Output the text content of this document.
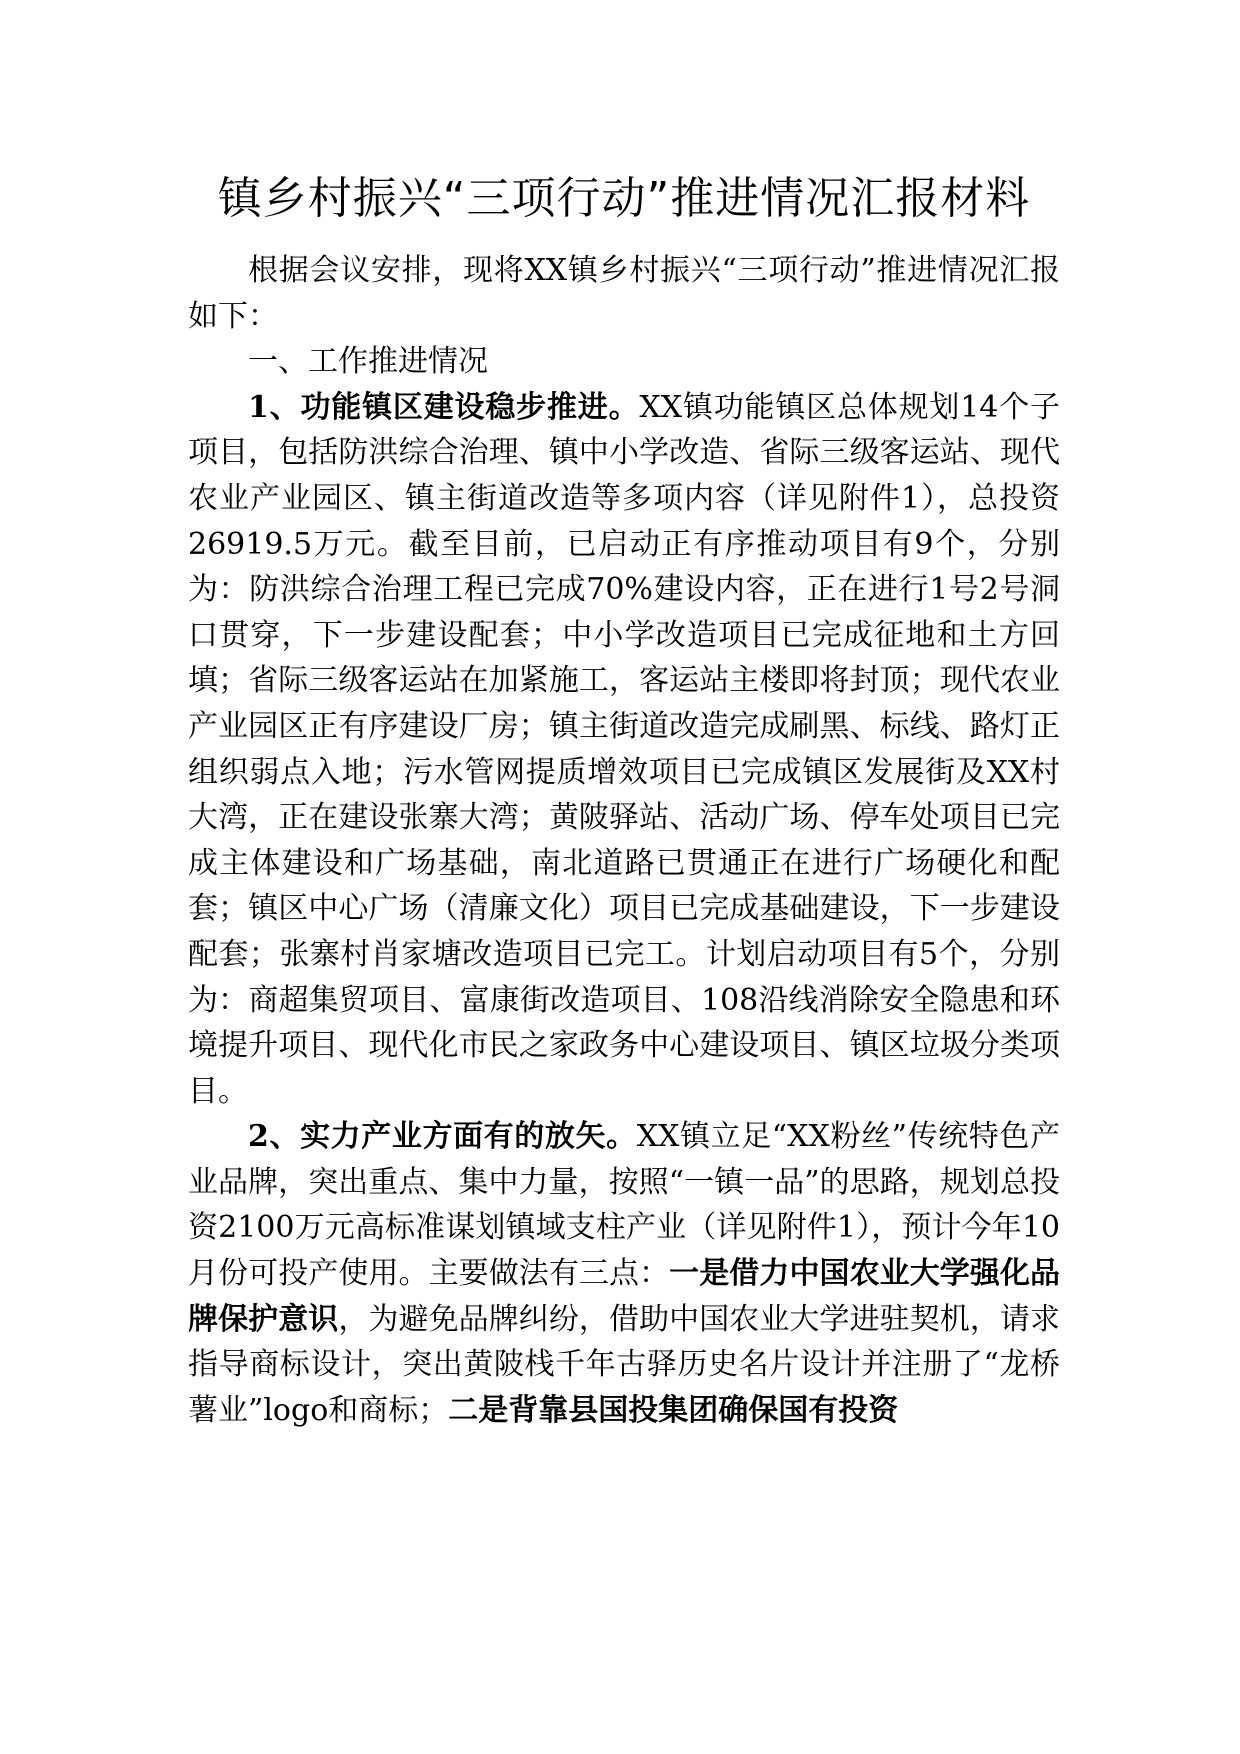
镇乡村振兴“三项行动”推进情况汇报材料

根据会议安排，现将XX镇乡村振兴“三项行动”推进情况汇报如下：

一、工作推进情况

1、功能镇区建设稳步推进。XX镇功能镇区总体规划14个子项目，包括防洪综合治理、镇中小学改造、省际三级客运站、现代农业产业园区、镇主街道改造等多项内容（详见附件1），总投资26919.5万元。截至目前，已启动正有序推动项目有9个，分别为：防洪综合治理工程已完成70%建设内容，正在进行1号2号洞口贯穿，下一步建设配套；中小学改造项目已完成征地和土方回填；省际三级客运站在加紧施工，客运站主楼即将封顶；现代农业产业园区正有序建设厂房；镇主街道改造完成刷黑、标线、路灯正组织弱点入地；污水管网提质增效项目已完成镇区发展街及XX村大湾，正在建设张寨大湾；黄陂驿站、活动广场、停车处项目已完成主体建设和广场基础，南北道路已贯通正在进行广场硬化和配套；镇区中心广场（清廉文化）项目已完成基础建设，下一步建设配套；张寨村肖家塘改造项目已完工。计划启动项目有5个，分别为：商超集贸项目、富康街改造项目、108沿线消除安全隐患和环境提升项目、现代化市民之家政务中心建设项目、镇区垃圾分类项目。

2、实力产业方面有的放矢。XX镇立足“XX粉丝”传统特色产业品牌，突出重点、集中力量，按照“一镇一品”的思路，规划总投资2100万元高标准谋划镇域支柱产业（详见附件1），预计今年10月份可投产使用。主要做法有三点：一是借力中国农业大学强化品牌保护意识，为避免品牌纠纷，借助中国农业大学进驻契机，请求指导商标设计，突出黄陂栈千年古驿历史名片设计并注册了“龙桥薯业”logo和商标；二是背靠县国投集团确保国有投资
